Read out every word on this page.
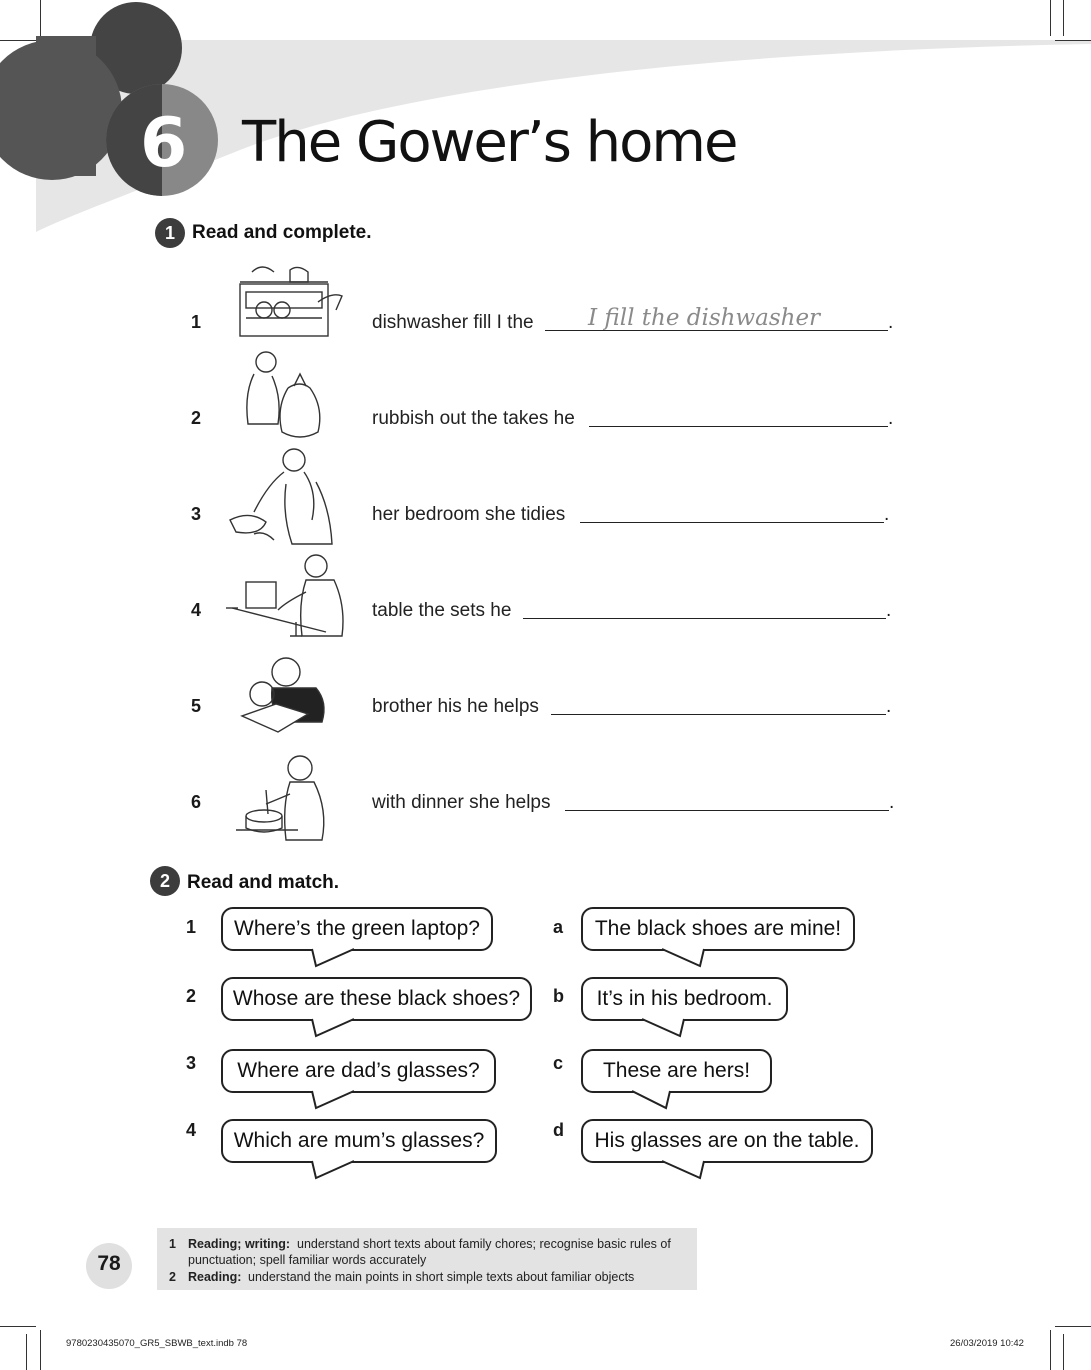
6 The Gower’s home
1 Read and complete.
1	dishwasher fill I the I fill the dishwasher	.
2	rubbish out the takes he	.
3	her bedroom she tidies	.
4	table the sets he	.
5	brother his he helps	.
6	with dinner she helps	.
2 Read and match.
1 Where’s the green laptop?
2 Whose are these black shoes?
3 Where are dad’s glasses?
4 Which are mum’s glasses?
a The black shoes are mine!
b It’s in his bedroom.
c These are hers!
d His glasses are on the table.
78
1 Reading; writing: understand short texts about family chores; recognise basic rules of
punctuation; spell familiar words accurately
2 Reading: understand the main points in short simple texts about familiar objects
9780230435070_GR5_SBWB_text.indb 78	26/03/2019 10:42
